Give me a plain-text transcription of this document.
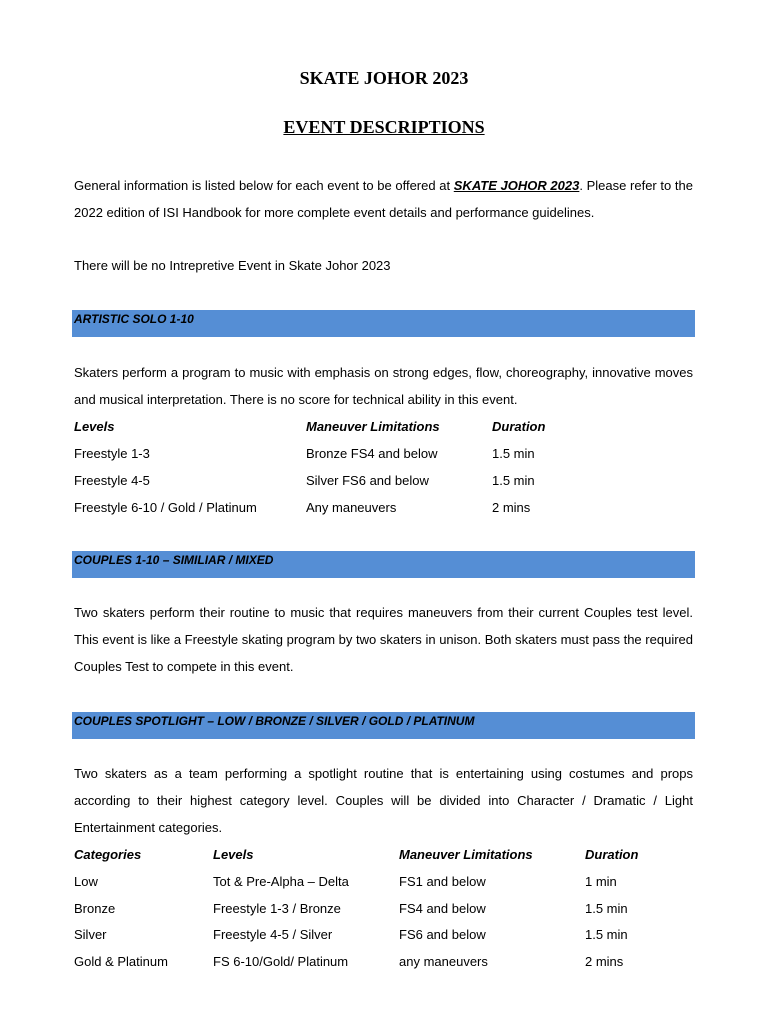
SKATE JOHOR 2023
EVENT DESCRIPTIONS

General information is listed below for each event to be offered at SKATE JOHOR 2023. Please refer to the 2022 edition of ISI Handbook for more complete event details and performance guidelines.

There will be no Intrepretive Event in Skate Johor 2023

ARTISTIC SOLO 1-10

Skaters perform a program to music with emphasis on strong edges, flow, choreography, innovative moves and musical interpretation. There is no score for technical ability in this event.

Levels	Maneuver Limitations	Duration
Freestyle 1-3	Bronze FS4 and below	1.5 min
Freestyle 4-5	Silver FS6 and below	1.5 min
Freestyle 6-10 / Gold / Platinum	Any maneuvers	2 mins
COUPLES 1-10 – SIMILIAR / MIXED

Two skaters perform their routine to music that requires maneuvers from their current Couples test level. This event is like a Freestyle skating program by two skaters in unison. Both skaters must pass the required Couples Test to compete in this event.

COUPLES SPOTLIGHT – LOW / BRONZE / SILVER / GOLD / PLATINUM

Two skaters as a team performing a spotlight routine that is entertaining using costumes and props according to their highest category level. Couples will be divided into Character / Dramatic / Light Entertainment categories.

Categories	Levels	Maneuver Limitations	Duration
Low	Tot & Pre-Alpha – Delta	FS1 and below	1 min
Bronze	Freestyle 1-3 / Bronze	FS4 and below	1.5 min
Silver	Freestyle 4-5 / Silver	FS6 and below	1.5 min
Gold & Platinum	FS 6-10/Gold/ Platinum	any maneuvers	2 mins
